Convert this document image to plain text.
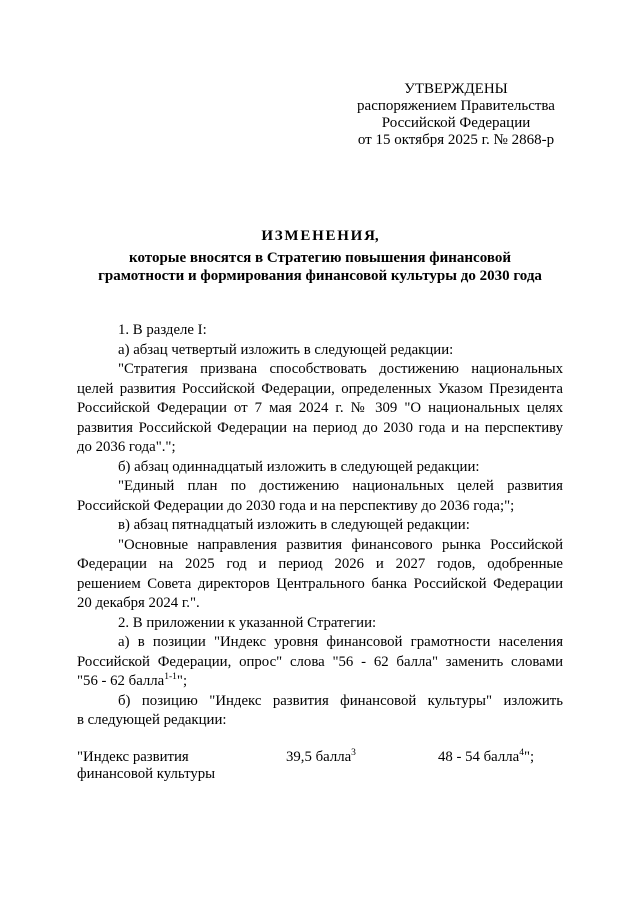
УТВЕРЖДЕНЫ
распоряжением Правительства
Российской Федерации
от 15 октября 2025 г. № 2868-р
И З М Е Н Е Н И Я,
которые вносятся в Стратегию повышения финансовой
грамотности и формирования финансовой культуры до 2030 года
1. В разделе I:
а) абзац четвертый изложить в следующей редакции:
"Стратегия призвана способствовать достижению национальных
целей развития Российской Федерации, определенных Указом Президента
Российской Федерации от 7 мая 2024 г. № 309 "О национальных целях
развития Российской Федерации на период до 2030 года и на перспективу
до 2036 года".";
б) абзац одиннадцатый изложить в следующей редакции:
"Единый план по достижению национальных целей развития
Российской Федерации до 2030 года и на перспективу до 2036 года;";
в) абзац пятнадцатый изложить в следующей редакции:
"Основные направления развития финансового рынка Российской
Федерации на 2025 год и период 2026 и 2027 годов, одобренные
решением Совета директоров Центрального банка Российской Федерации
20 декабря 2024 г.".
2. В приложении к указанной Стратегии:
а) в позиции "Индекс уровня финансовой грамотности населения
Российской Федерации, опрос" слова "56 - 62 балла" заменить словами
"56 - 62 балла$^{1-1}$";
б) позицию "Индекс развития финансовой культуры" изложить
в следующей редакции:
"Индекс развития
финансовой культуры
39,5 балла$^3$	48 - 54 балла$^4$";
